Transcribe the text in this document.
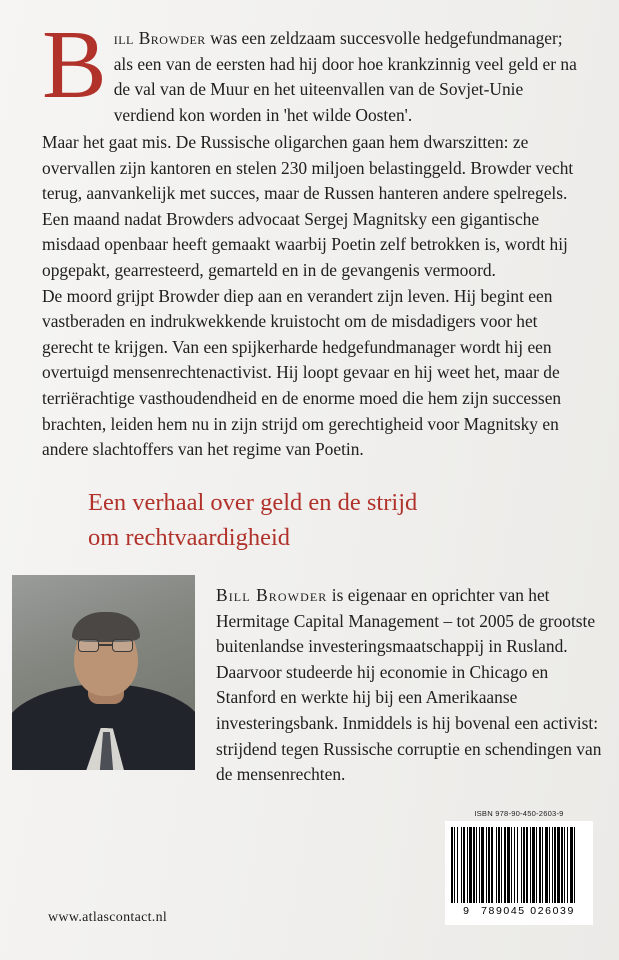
Bill Browder was een zeldzaam succesvolle hedgefundmanager; als een van de eersten had hij door hoe krankzinnig veel geld er na de val van de Muur en het uiteenvallen van de Sovjet-Unie verdiend kon worden in 'het wilde Oosten'.

Maar het gaat mis. De Russische oligarchen gaan hem dwarszitten: ze overvallen zijn kantoren en stelen 230 miljoen belastinggeld. Browder vecht terug, aanvankelijk met succes, maar de Russen hanteren andere spelregels. Een maand nadat Browders advocaat Sergej Magnitsky een gigantische misdaad openbaar heeft gemaakt waarbij Poetin zelf betrokken is, wordt hij opgepakt, gearresteerd, gemarteld en in de gevangenis vermoord.

De moord grijpt Browder diep aan en verandert zijn leven. Hij begint een vastberaden en indrukwekkende kruistocht om de misdadigers voor het gerecht te krijgen. Van een spijkerharde hedgefundmanager wordt hij een overtuigd mensenrechtenactivist. Hij loopt gevaar en hij weet het, maar de terriërachtige vasthoudendheid en de enorme moed die hem zijn successen brachten, leiden hem nu in zijn strijd om gerechtigheid voor Magnitsky en andere slachtoffers van het regime van Poetin.

Een verhaal over geld en de strijd
om rechtvaardigheid
Bill Browder is eigenaar en oprichter van het Hermitage Capital Management – tot 2005 de grootste buitenlandse investeringsmaatschappij in Rusland. Daarvoor studeerde hij economie in Chicago en Stanford en werkte hij bij een Amerikaanse investeringsbank. Inmiddels is hij bovenal een activist: strijdend tegen Russische corruptie en schendingen van de mensenrechten.
ISBN 978-90-450-2603-9
9 789045 026039
www.atlascontact.nl
